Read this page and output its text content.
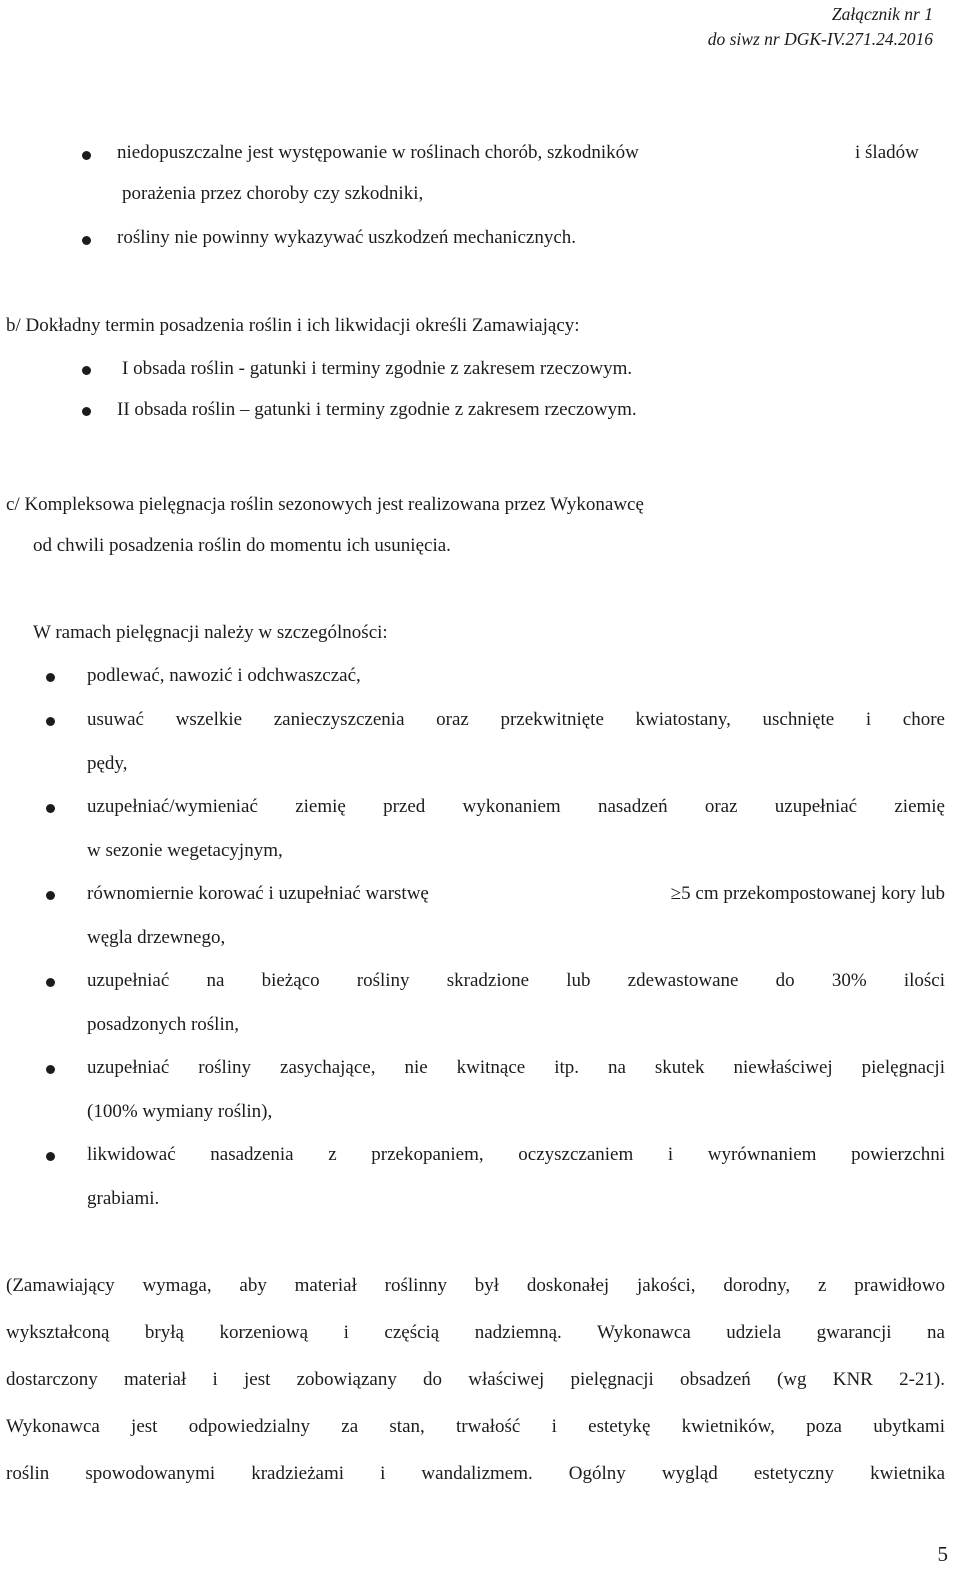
Załącznik nr 1
do siwz nr DGK-IV.271.24.2016
niedopuszczalne jest występowanie w roślinach chorób, szkodników	i śladów
porażenia przez choroby czy szkodniki,
rośliny nie powinny wykazywać uszkodzeń mechanicznych.
b/ Dokładny termin posadzenia roślin i ich likwidacji określi Zamawiający:
I obsada roślin - gatunki i terminy zgodnie z zakresem rzeczowym.
II obsada roślin – gatunki i terminy zgodnie z zakresem rzeczowym.
c/ Kompleksowa pielęgnacja roślin sezonowych jest realizowana przez Wykonawcę
od chwili posadzenia roślin do momentu ich usunięcia.
W ramach pielęgnacji należy w szczególności:
podlewać, nawozić i odchwaszczać,
usuwać wszelkie zanieczyszczenia oraz przekwitnięte kwiatostany, uschnięte i chore
pędy,
uzupełniać/wymieniać ziemię przed wykonaniem nasadzeń oraz uzupełniać ziemię
w sezonie wegetacyjnym,
równomiernie korować i uzupełniać warstwę	≥5 cm przekompostowanej kory lub
węgla drzewnego,
uzupełniać na bieżąco rośliny skradzione lub zdewastowane do 30% ilości
posadzonych roślin,
uzupełniać rośliny zasychające, nie kwitnące itp. na skutek niewłaściwej pielęgnacji
(100% wymiany roślin),
likwidować nasadzenia z przekopaniem, oczyszczaniem i wyrównaniem powierzchni
grabiami.
(Zamawiający wymaga, aby materiał roślinny był doskonałej jakości, dorodny, z prawidłowo
wykształconą bryłą korzeniową i częścią nadziemną. Wykonawca udziela gwarancji na
dostarczony materiał i jest zobowiązany do właściwej pielęgnacji obsadzeń (wg KNR 2-21).
Wykonawca jest odpowiedzialny za stan, trwałość i estetykę kwietników, poza ubytkami
roślin spowodowanymi kradzieżami i wandalizmem. Ogólny wygląd estetyczny kwietnika
5
